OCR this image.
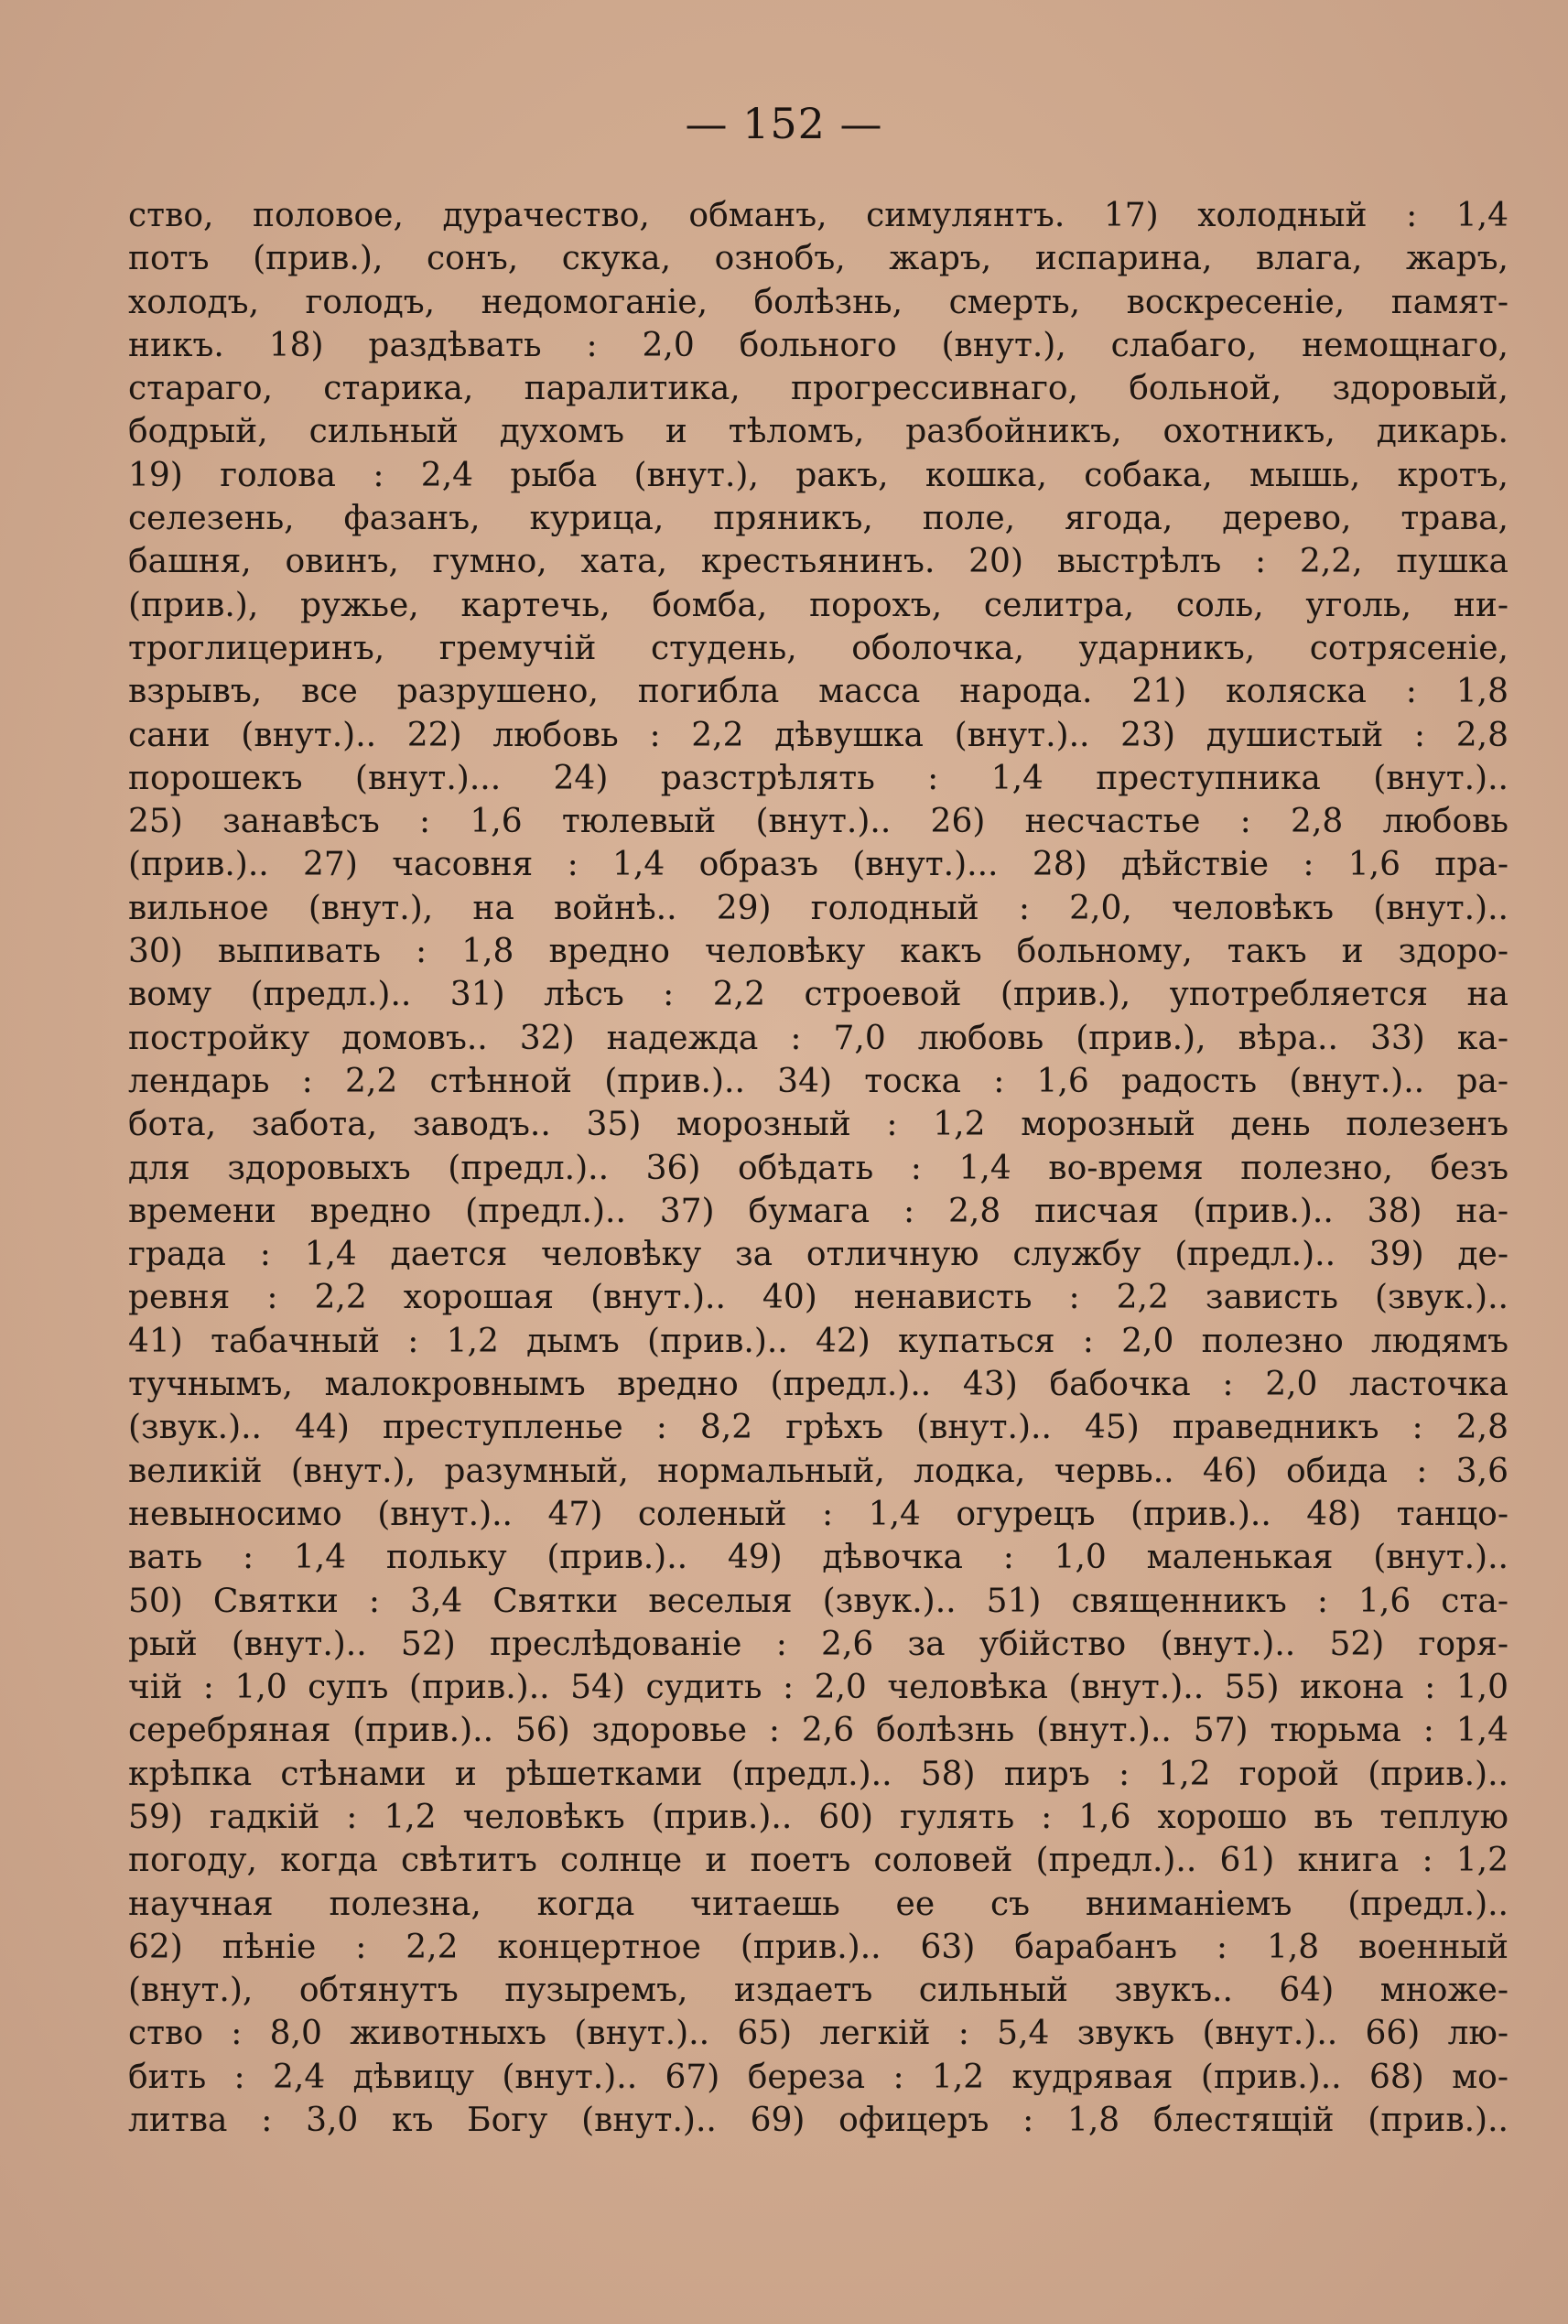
— 152 —
ство, половое, дурачество, обманъ, симулянтъ. 17) холодный : 1,4
потъ (прив.), сонъ, скука, ознобъ, жаръ, испарина, влага, жаръ,
холодъ, голодъ, недомоганіе, болѣзнь, смерть, воскресеніе, памят-
никъ. 18) раздѣвать : 2,0 больного (внут.), слабаго, немощнаго,
стараго, старика, паралитика, прогрессивнаго, больной, здоровый,
бодрый, сильный духомъ и тѣломъ, разбойникъ, охотникъ, дикарь.
19) голова : 2,4 рыба (внут.), ракъ, кошка, собака, мышь, кротъ,
селезень, фазанъ, курица, пряникъ, поле, ягода, дерево, трава,
башня, овинъ, гумно, хата, крестьянинъ. 20) выстрѣлъ : 2,2, пушка
(прив.), ружье, картечь, бомба, порохъ, селитра, соль, уголь, ни-
троглицеринъ, гремучій студень, оболочка, ударникъ, сотрясеніе,
взрывъ, все разрушено, погибла масса народа. 21) коляска : 1,8
сани (внут.).. 22) любовь : 2,2 дѣвушка (внут.).. 23) душистый : 2,8
порошекъ (внут.)... 24) разстрѣлять : 1,4 преступника (внут.)..
25) занавѣсъ : 1,6 тюлевый (внут.).. 26) несчастье : 2,8 любовь
(прив.).. 27) часовня : 1,4 образъ (внут.)... 28) дѣйствіе : 1,6 пра-
вильное (внут.), на войнѣ.. 29) голодный : 2,0, человѣкъ (внут.)..
30) выпивать : 1,8 вредно человѣку какъ больному, такъ и здоро-
вому (предл.).. 31) лѣсъ : 2,2 строевой (прив.), употребляется на
постройку домовъ.. 32) надежда : 7,0 любовь (прив.), вѣра.. 33) ка-
лендарь : 2,2 стѣнной (прив.).. 34) тоска : 1,6 радость (внут.).. ра-
бота, забота, заводъ.. 35) морозный : 1,2 морозный день полезенъ
для здоровыхъ (предл.).. 36) обѣдать : 1,4 во-время полезно, безъ
времени вредно (предл.).. 37) бумага : 2,8 писчая (прив.).. 38) на-
града : 1,4 дается человѣку за отличную службу (предл.).. 39) де-
ревня : 2,2 хорошая (внут.).. 40) ненависть : 2,2 зависть (звук.)..
41) табачный : 1,2 дымъ (прив.).. 42) купаться : 2,0 полезно людямъ
тучнымъ, малокровнымъ вредно (предл.).. 43) бабочка : 2,0 ласточка
(звук.).. 44) преступленье : 8,2 грѣхъ (внут.).. 45) праведникъ : 2,8
великій (внут.), разумный, нормальный, лодка, червь.. 46) обида : 3,6
невыносимо (внут.).. 47) соленый : 1,4 огурецъ (прив.).. 48) танцо-
вать : 1,4 польку (прив.).. 49) дѣвочка : 1,0 маленькая (внут.)..
50) Святки : 3,4 Святки веселыя (звук.).. 51) священникъ : 1,6 ста-
рый (внут.).. 52) преслѣдованіе : 2,6 за убійство (внут.).. 52) горя-
чій : 1,0 супъ (прив.).. 54) судить : 2,0 человѣка (внут.).. 55) икона : 1,0
серебряная (прив.).. 56) здоровье : 2,6 болѣзнь (внут.).. 57) тюрьма : 1,4
крѣпка стѣнами и рѣшетками (предл.).. 58) пиръ : 1,2 горой (прив.)..
59) гадкій : 1,2 человѣкъ (прив.).. 60) гулять : 1,6 хорошо въ теплую
погоду, когда свѣтитъ солнце и поетъ соловей (предл.).. 61) книга : 1,2
научная полезна, когда читаешь ее съ вниманіемъ (предл.)..
62) пѣніе : 2,2 концертное (прив.).. 63) барабанъ : 1,8 военный
(внут.), обтянутъ пузыремъ, издаетъ сильный звукъ.. 64) множе-
ство : 8,0 животныхъ (внут.).. 65) легкій : 5,4 звукъ (внут.).. 66) лю-
бить : 2,4 дѣвицу (внут.).. 67) береза : 1,2 кудрявая (прив.).. 68) мо-
литва : 3,0 къ Богу (внут.).. 69) офицеръ : 1,8 блестящій (прив.)..
